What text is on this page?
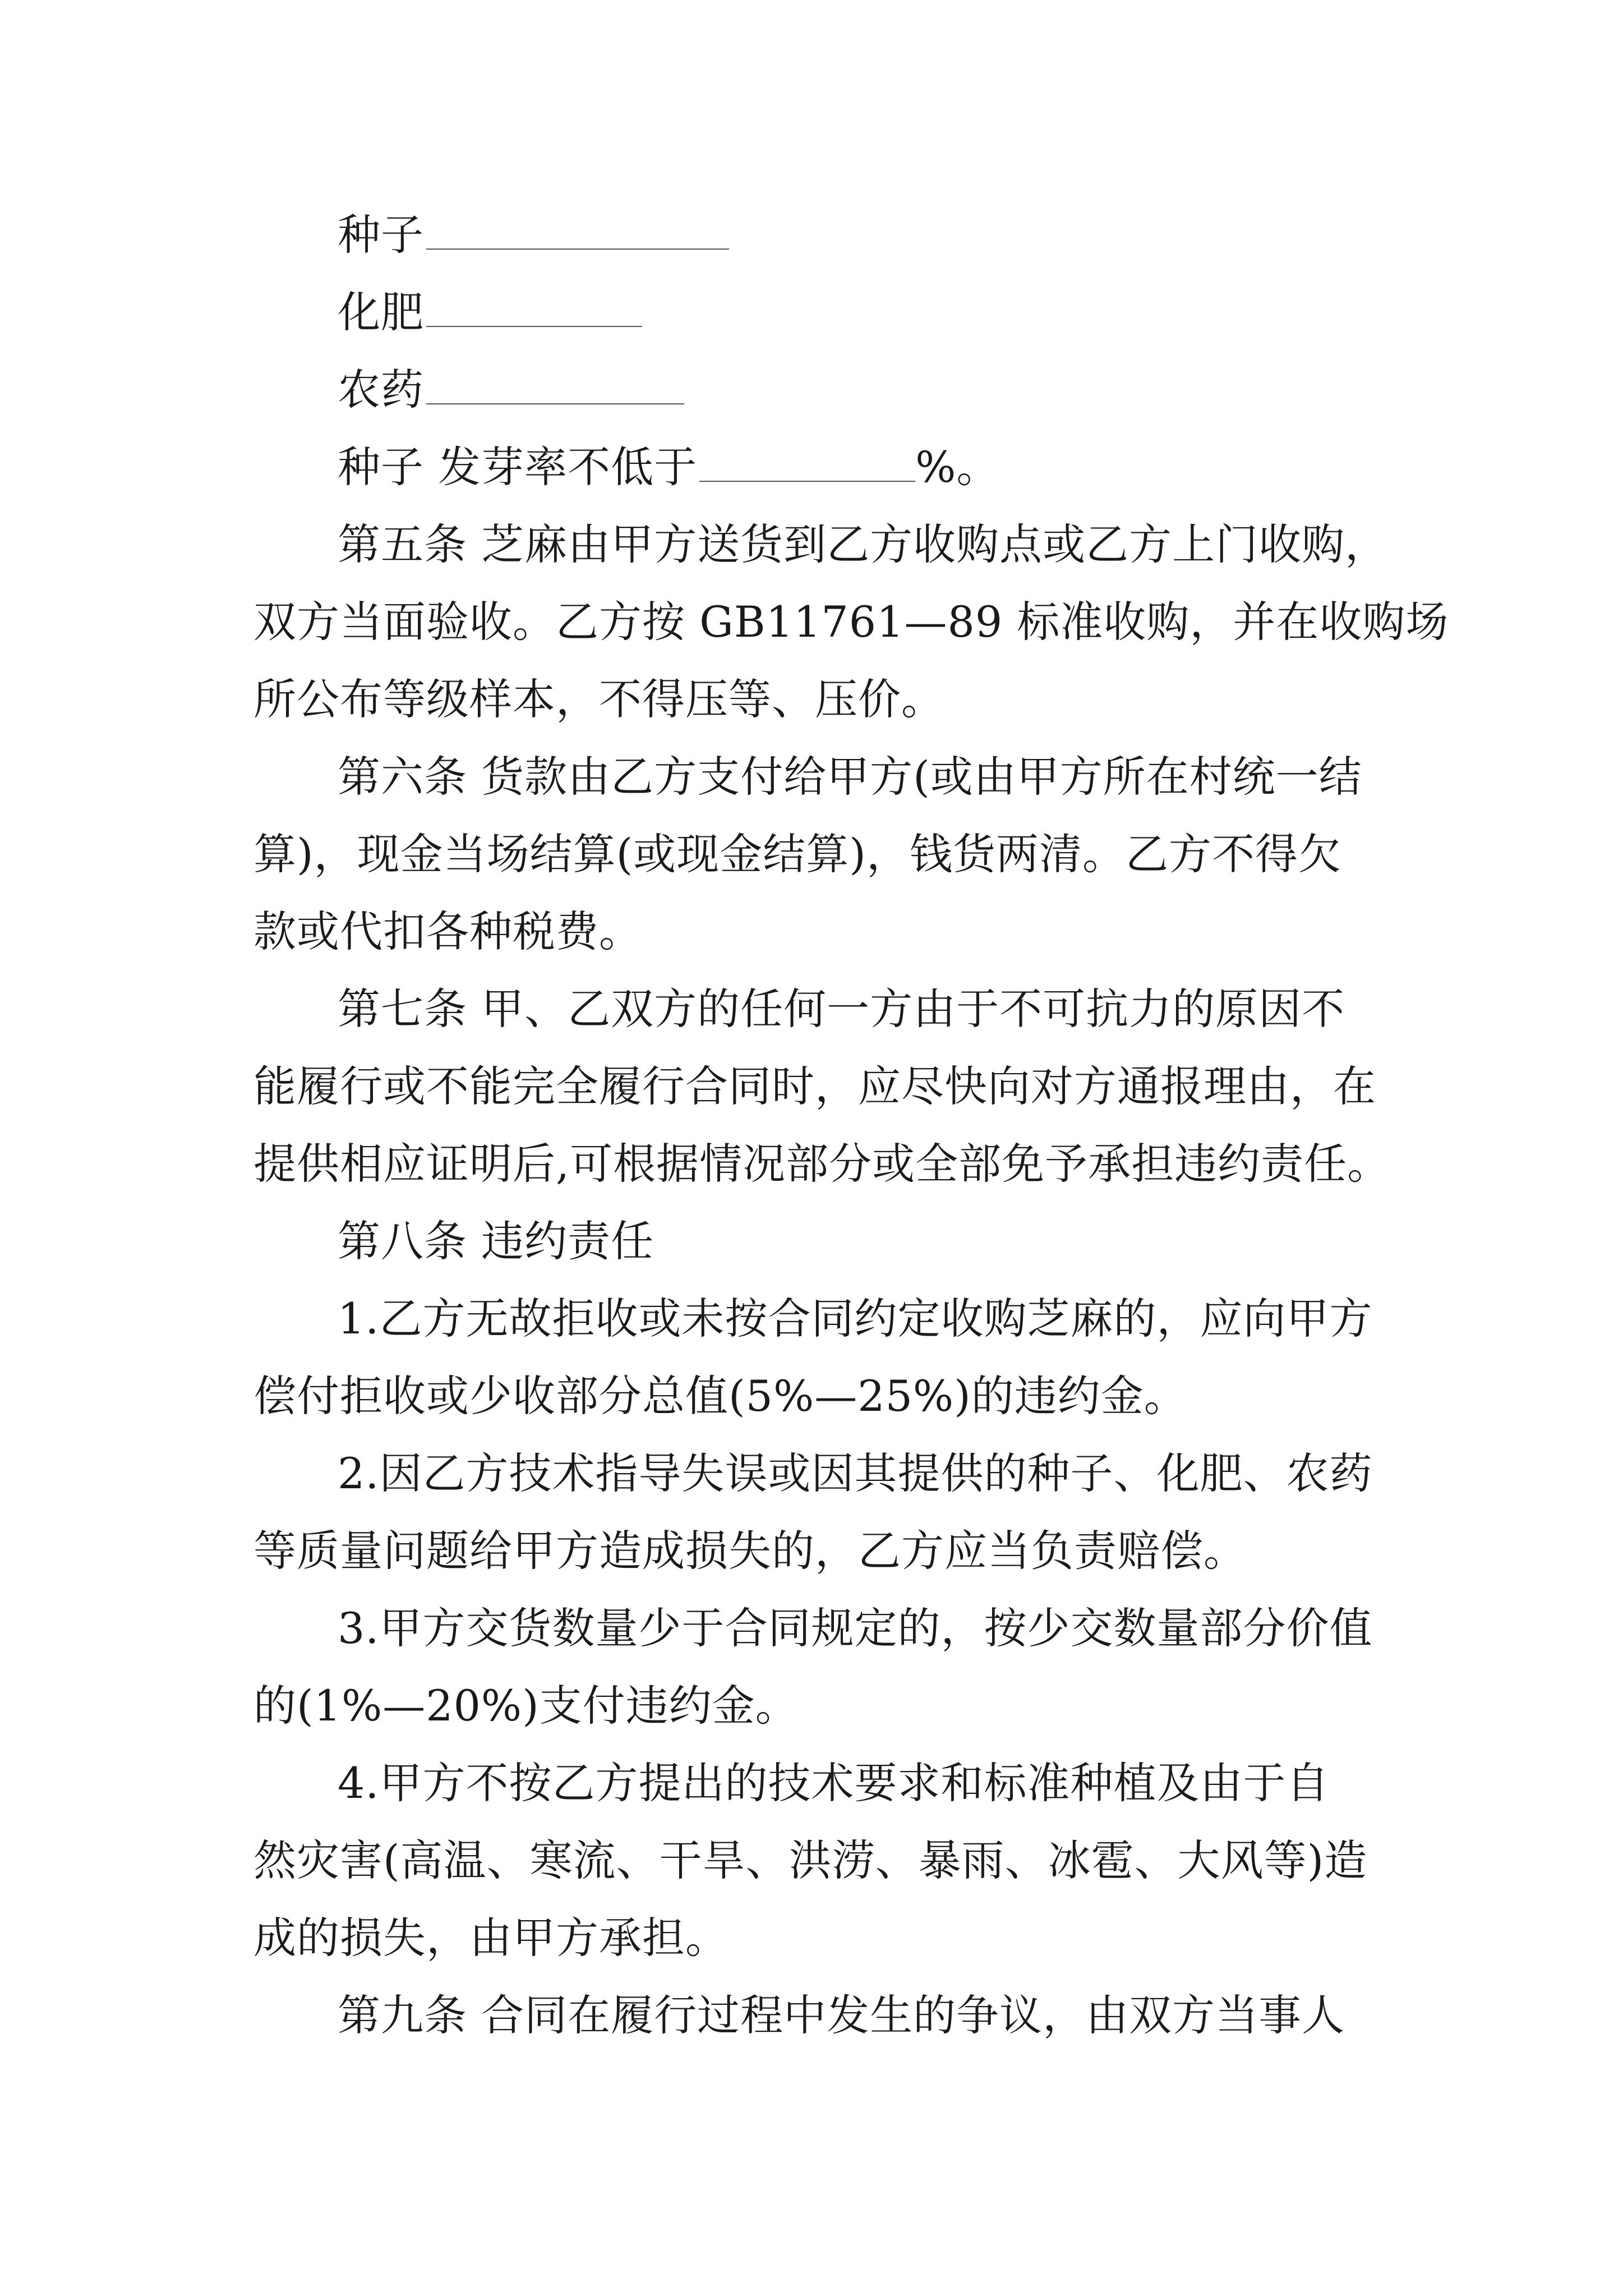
种子
化肥
农药
种子 发芽率不低于	%。
第五条 芝麻由甲方送货到乙方收购点或乙方上门收购，
双方当面验收。乙方按 GB11761—89 标准收购，并在收购场
所公布等级样本，不得压等、压价。
第六条 货款由乙方支付给甲方(或由甲方所在村统一结
算)，现金当场结算(或现金结算)，钱货两清。乙方不得欠
款或代扣各种税费。
第七条 甲、乙双方的任何一方由于不可抗力的原因不
能履行或不能完全履行合同时，应尽快向对方通报理由，在
提供相应证明后,可根据情况部分或全部免予承担违约责任。
第八条 违约责任
1.乙方无故拒收或未按合同约定收购芝麻的，应向甲方
偿付拒收或少收部分总值(5%—25%)的违约金。
2.因乙方技术指导失误或因其提供的种子、化肥、农药
等质量问题给甲方造成损失的，乙方应当负责赔偿。
3.甲方交货数量少于合同规定的，按少交数量部分价值
的(1%—20%)支付违约金。
4.甲方不按乙方提出的技术要求和标准种植及由于自
然灾害(高温、寒流、干旱、洪涝、暴雨、冰雹、大风等)造
成的损失，由甲方承担。
第九条 合同在履行过程中发生的争议，由双方当事人
